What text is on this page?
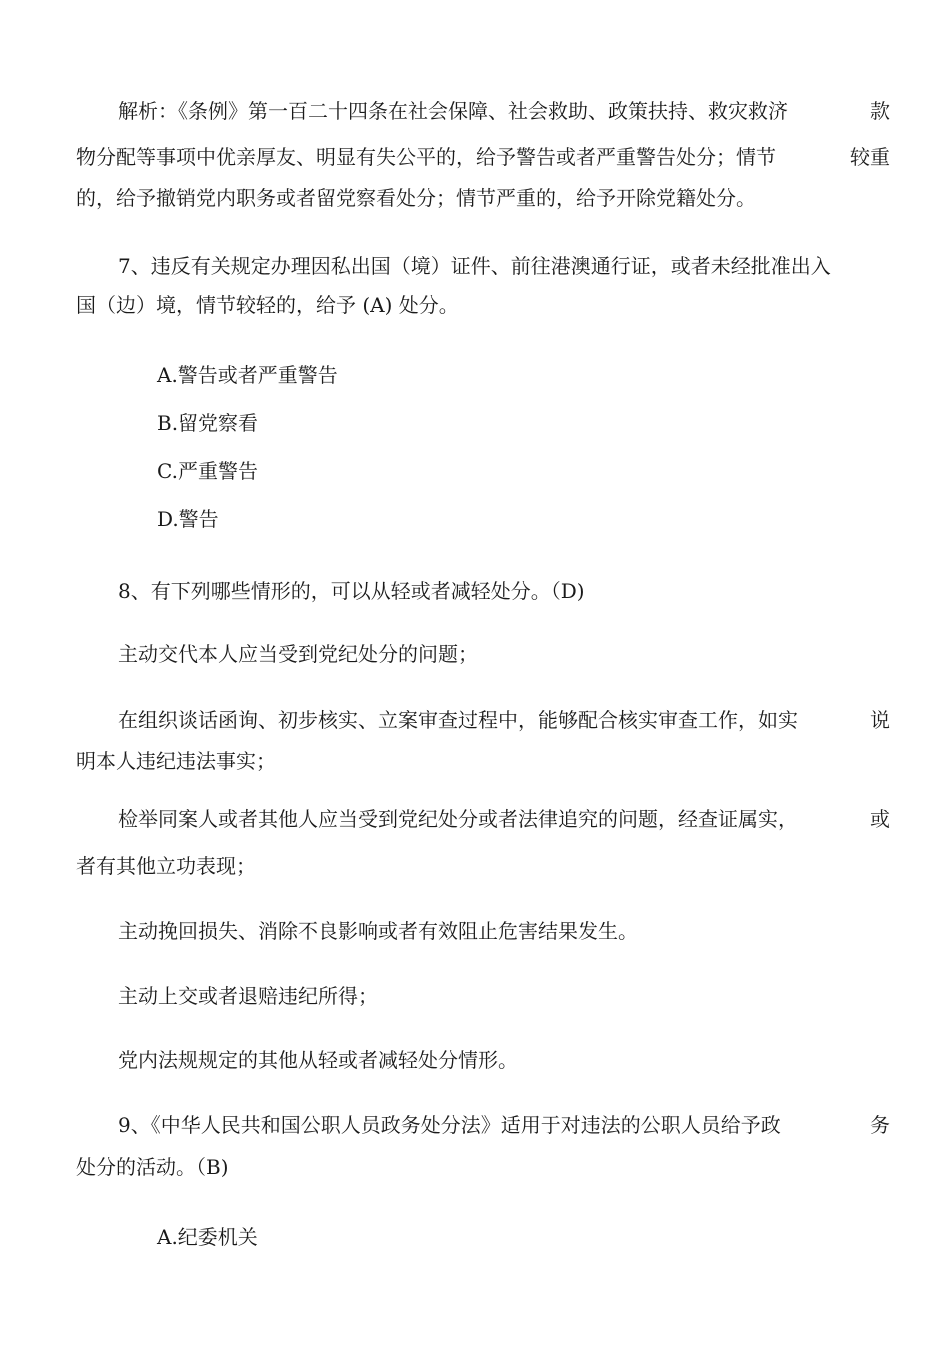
解析：《条例》第一百二十四条在社会保障、社会救助、政策扶持、救灾救济	款
物分配等事项中优亲厚友、明显有失公平的，给予警告或者严重警告处分；情节	较重
的，给予撤销党内职务或者留党察看处分；情节严重的，给予开除党籍处分。
7、违反有关规定办理因私出国（境）证件、前往港澳通行证，或者未经批准出入
国（边）境，情节较轻的，给予 (A) 处分。
A.警告或者严重警告
B.留党察看
C.严重警告
D.警告
8、有下列哪些情形的，可以从轻或者减轻处分。（D)
主动交代本人应当受到党纪处分的问题；
在组织谈话函询、初步核实、立案审查过程中，能够配合核实审查工作，如实	说
明本人违纪违法事实；
检举同案人或者其他人应当受到党纪处分或者法律追究的问题，经查证属实，	或
者有其他立功表现；
主动挽回损失、消除不良影响或者有效阻止危害结果发生。
主动上交或者退赔违纪所得；
党内法规规定的其他从轻或者减轻处分情形。
9、《中华人民共和国公职人员政务处分法》适用于对违法的公职人员给予政	务
处分的活动。（B)
A.纪委机关
